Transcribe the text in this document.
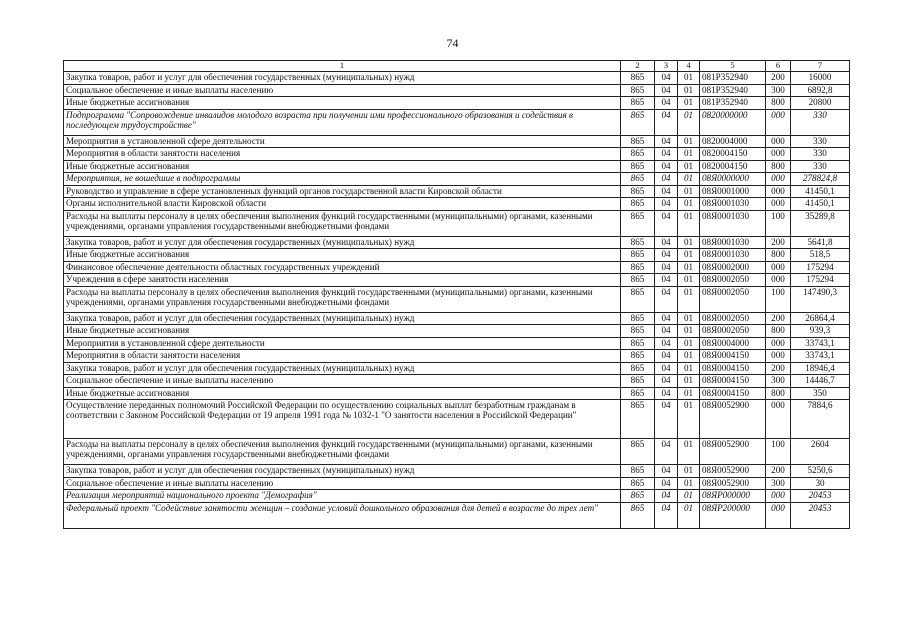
74
1	2	3	4	5	6	7
Закупка товаров, работ и услуг для обеспечения государственных (муниципальных) нужд	865	04	01	081Р352940	200	16000
Социальное обеспечение и иные выплаты населению	865	04	01	081Р352940	300	6892,8
Иные бюджетные ассигнования	865	04	01	081Р352940	800	20800
Подпрограмма "Сопровождение инвалидов молодого возраста при получении ими профессионального образования и содействия в последующем трудоустройстве"	865	04	01	0820000000	000	330
Мероприятия в установленной сфере деятельности	865	04	01	0820004000	000	330
Мероприятия в области занятости населения	865	04	01	0820004150	000	330
Иные бюджетные ассигнования	865	04	01	0820004150	800	330
Мероприятия, не вошедшие в подпрограммы	865	04	01	08Я0000000	000	278824,8
Руководство и управление в сфере установленных функций органов государственной власти Кировской области	865	04	01	08Я0001000	000	41450,1
Органы исполнительной власти Кировской области	865	04	01	08Я0001030	000	41450,1
Расходы на выплаты персоналу в целях обеспечения выполнения функций государственными (муниципальными) органами, казенными учреждениями, органами управления государственными внебюджетными фондами	865	04	01	08Я0001030	100	35289,8
Закупка товаров, работ и услуг для обеспечения государственных (муниципальных) нужд	865	04	01	08Я0001030	200	5641,8
Иные бюджетные ассигнования	865	04	01	08Я0001030	800	518,5
Финансовое обеспечение деятельности областных государственных учреждений	865	04	01	08Я0002000	000	175294
Учреждения в сфере занятости населения	865	04	01	08Я0002050	000	175294
Расходы на выплаты персоналу в целях обеспечения выполнения функций государственными (муниципальными) органами, казенными учреждениями, органами управления государственными внебюджетными фондами	865	04	01	08Я0002050	100	147490,3
Закупка товаров, работ и услуг для обеспечения государственных (муниципальных) нужд	865	04	01	08Я0002050	200	26864,4
Иные бюджетные ассигнования	865	04	01	08Я0002050	800	939,3
Мероприятия в установленной сфере деятельности	865	04	01	08Я0004000	000	33743,1
Мероприятия в области занятости населения	865	04	01	08Я0004150	000	33743,1
Закупка товаров, работ и услуг для обеспечения государственных (муниципальных) нужд	865	04	01	08Я0004150	200	18946,4
Социальное обеспечение и иные выплаты населению	865	04	01	08Я0004150	300	14446,7
Иные бюджетные ассигнования	865	04	01	08Я0004150	800	350
Осуществление переданных полномочий Российской Федерации по осуществлению социальных выплат безработным гражданам в соответствии с Законом Российской Федерации от 19 апреля 1991 года № 1032-1 "О занятости населения в Российской Федерации"	865	04	01	08Я0052900	000	7884,6
Расходы на выплаты персоналу в целях обеспечения выполнения функций государственными (муниципальными) органами, казенными учреждениями, органами управления государственными внебюджетными фондами	865	04	01	08Я0052900	100	2604
Закупка товаров, работ и услуг для обеспечения государственных (муниципальных) нужд	865	04	01	08Я0052900	200	5250,6
Социальное обеспечение и иные выплаты населению	865	04	01	08Я0052900	300	30
Реализация мероприятий национального проекта "Демография"	865	04	01	08ЯР000000	000	20453
Федеральный проект "Содействие занятости женщин – создание условий дошкольного образования для детей в возрасте до трех лет"	865	04	01	08ЯР200000	000	20453
